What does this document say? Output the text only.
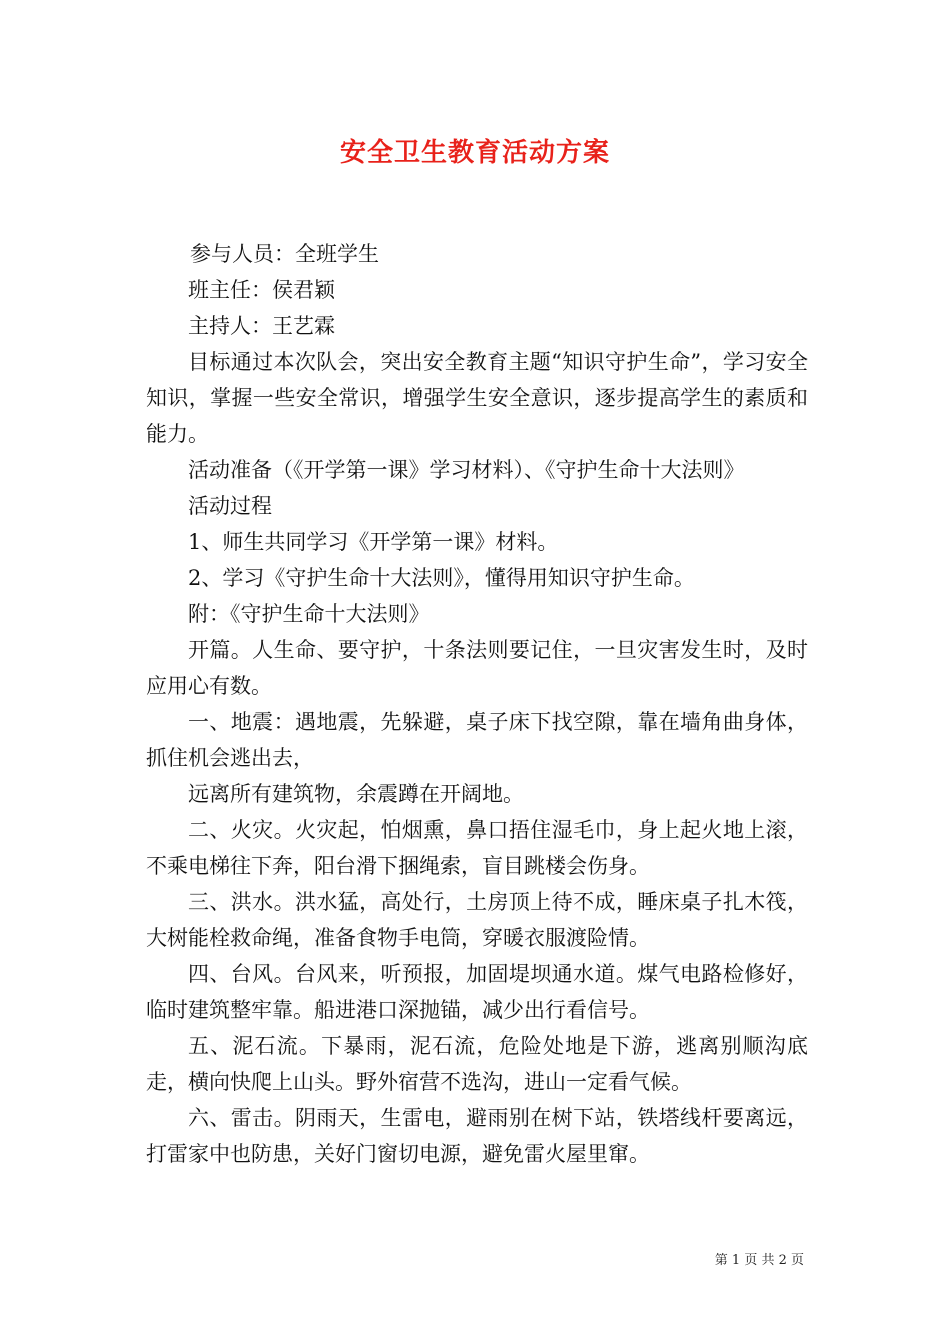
安全卫生教育活动方案

参与人员：全班学生

班主任：侯君颖

主持人：王艺霖

目标通过本次队会，突出安全教育主题“知识守护生命”，学习安全知识，掌握一些安全常识，增强学生安全意识，逐步提高学生的素质和能力。

活动准备（《开学第一课》学习材料）、《守护生命十大法则》

活动过程

1、师生共同学习《开学第一课》材料。

2、学习《守护生命十大法则》，懂得用知识守护生命。

附：《守护生命十大法则》

开篇。人生命、要守护，十条法则要记住，一旦灾害发生时，及时应用心有数。

一、地震：遇地震，先躲避，桌子床下找空隙，靠在墙角曲身体，抓住机会逃出去，

远离所有建筑物，余震蹲在开阔地。

二、火灾。火灾起，怕烟熏，鼻口捂住湿毛巾，身上起火地上滚，不乘电梯往下奔，阳台滑下捆绳索，盲目跳楼会伤身。

三、洪水。洪水猛，高处行，土房顶上待不成，睡床桌子扎木筏，大树能栓救命绳，准备食物手电筒，穿暖衣服渡险情。

四、台风。台风来，听预报，加固堤坝通水道。煤气电路检修好，临时建筑整牢靠。船进港口深抛锚，减少出行看信号。

五、泥石流。下暴雨，泥石流，危险处地是下游，逃离别顺沟底走，横向快爬上山头。野外宿营不选沟，进山一定看气候。

六、雷击。阴雨天，生雷电，避雨别在树下站，铁塔线杆要离远，打雷家中也防患，关好门窗切电源，避免雷火屋里窜。

第 1 页 共 2 页
